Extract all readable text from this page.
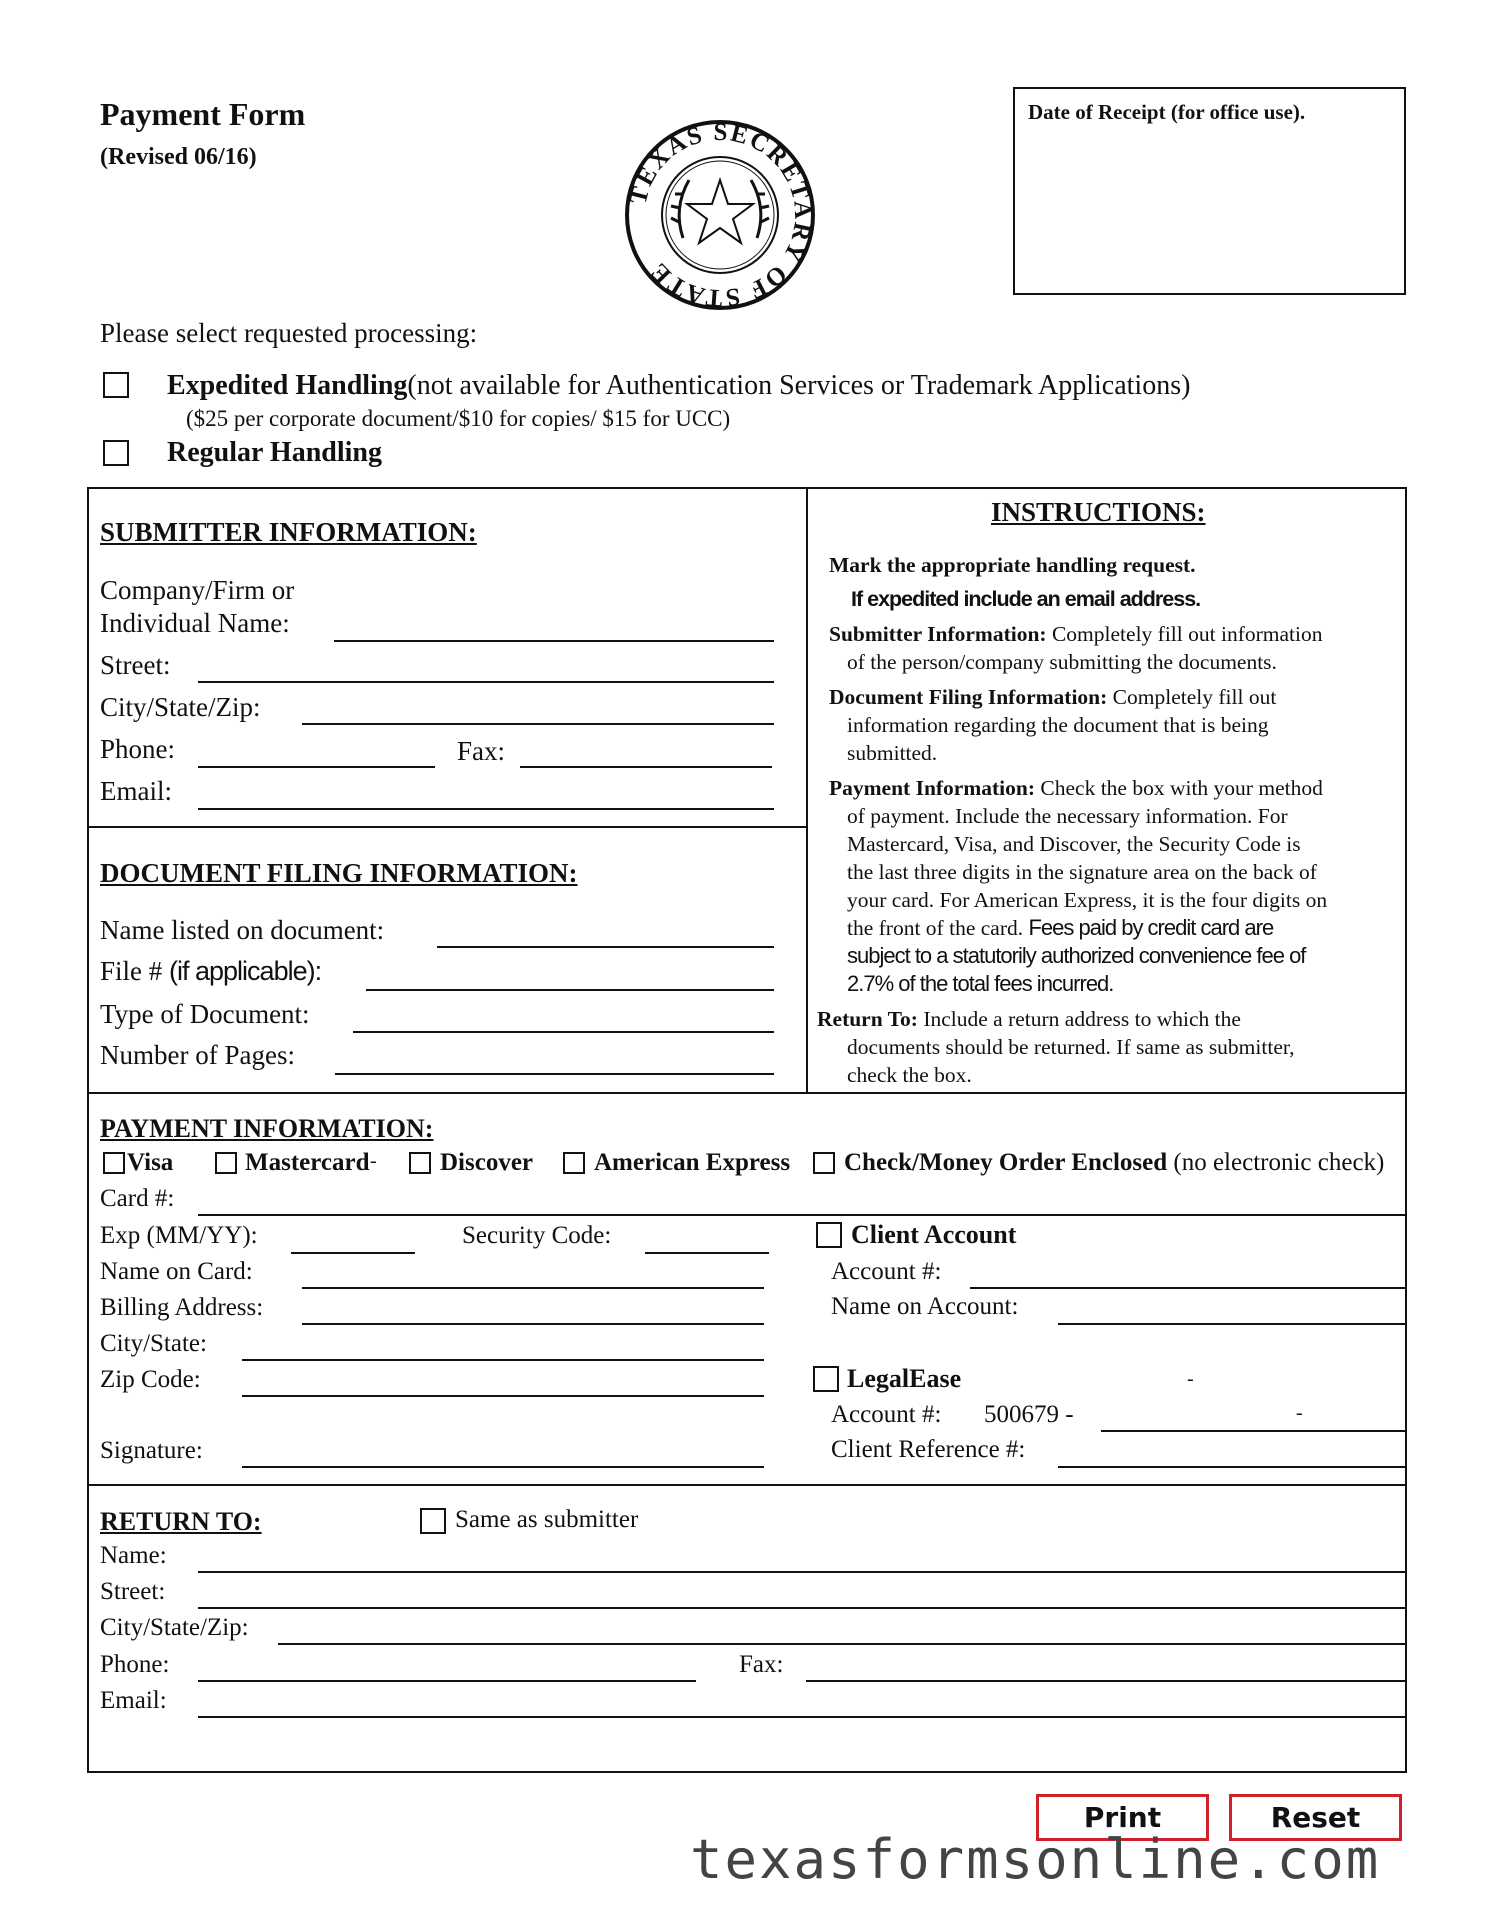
Payment Form
(Revised 06/16)
TEXAS SECRETARY OF STATE
Date of Receipt (for office use).
Please select requested processing:
Expedited Handling(not available for Authentication Services or Trademark Applications)
($25 per corporate document/$10 for copies/ $15 for UCC)
Regular Handling
SUBMITTER INFORMATION:
Company/Firm or
Individual Name:
Street:
City/State/Zip:
Phone:	Fax:
Email:
DOCUMENT FILING INFORMATION:
Name listed on document:
File # (if applicable):
Type of Document:
Number of Pages:
INSTRUCTIONS:
Mark the appropriate handling request.
If expedited include an email address.
Submitter Information: Completely fill out information
of the person/company submitting the documents.
Document Filing Information: Completely fill out
information regarding the document that is being
submitted.
Payment Information: Check the box with your method
of payment. Include the necessary information. For
Mastercard, Visa, and Discover, the Security Code is
the last three digits in the signature area on the back of
your card. For American Express, it is the four digits on
the front of the card. Fees paid by credit card are
subject to a statutorily authorized convenience fee of
2.7% of the total fees incurred.
Return To: Include a return address to which the
documents should be returned. If same as submitter,
check the box.
PAYMENT INFORMATION:
Visa	Mastercard -	Discover American Express Check/Money Order Enclosed (no electronic check)
Card #:
Exp (MM/YY):	Security Code:
Name on Card:
Billing Address:
City/State:
Zip Code:
Signature:
Client Account
Account #:
Name on Account:
LegalEase	-
Account #: 500679 -	-
Client Reference #:
RETURN TO:	Same as submitter
Name:
Street:
City/State/Zip:
Phone:	Fax:
Email:
Print	Reset
texasformsonline.com
